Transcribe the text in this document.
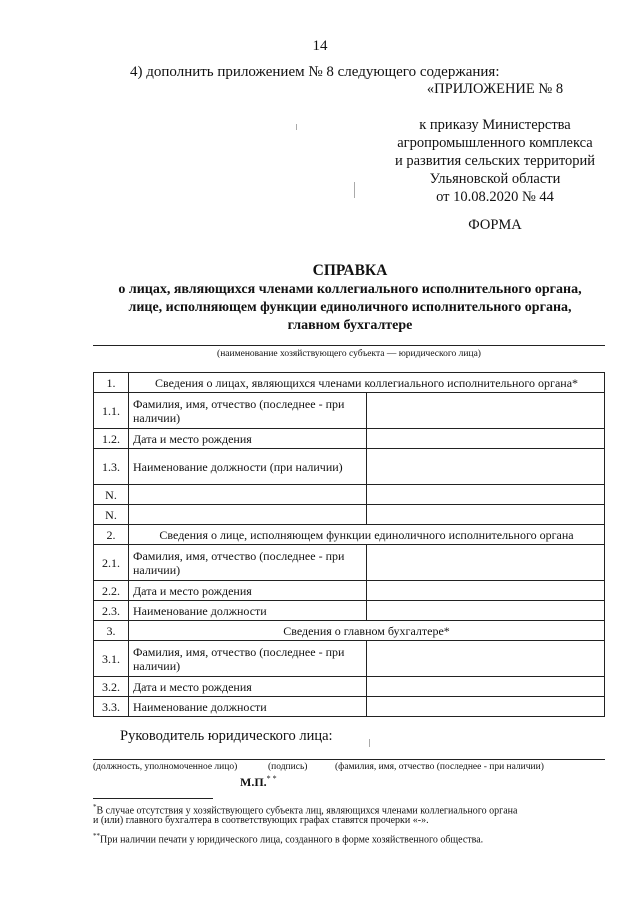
14
4) дополнить приложением № 8 следующего содержания:
«ПРИЛОЖЕНИЕ № 8
к приказу Министерства
агропромышленного комплекса
и развития сельских территорий
Ульяновской области
от 10.08.2020 № 44
ФОРМА
СПРАВКА
о лицах, являющихся членами коллегиального исполнительного органа,
лице, исполняющем функции единоличного исполнительного органа,
главном бухгалтере
(наименование хозяйствующего субъекта — юридического лица)
1.	Сведения о лицах, являющихся членами коллегиального исполнительного органа*	
1.1.	Фамилия, имя, отчество (последнее - при наличии)	
1.2.	Дата и место рождения	
1.3.	Наименование должности (при наличии)	
N.		
N.		
2.	Сведения о лице, исполняющем функции единоличного исполнительного органа	
2.1.	Фамилия, имя, отчество (последнее - при наличии)	
2.2.	Дата и место рождения	
2.3.	Наименование должности	
3.	Сведения о главном бухгалтере*	
3.1.	Фамилия, имя, отчество (последнее - при наличии)	
3.2.	Дата и место рождения	
3.3.	Наименование должности	
Руководитель юридического лица:
(должность, уполномоченное лицо)	(подпись)	(фамилия, имя, отчество (последнее - при наличии)
М.П.* *
*В случае отсутствия у хозяйствующего субъекта лиц, являющихся членами коллегиального органа
и (или) главного бухгалтера в соответствующих графах ставятся прочерки «-».
**При наличии печати у юридического лица, созданного в форме хозяйственного общества.
